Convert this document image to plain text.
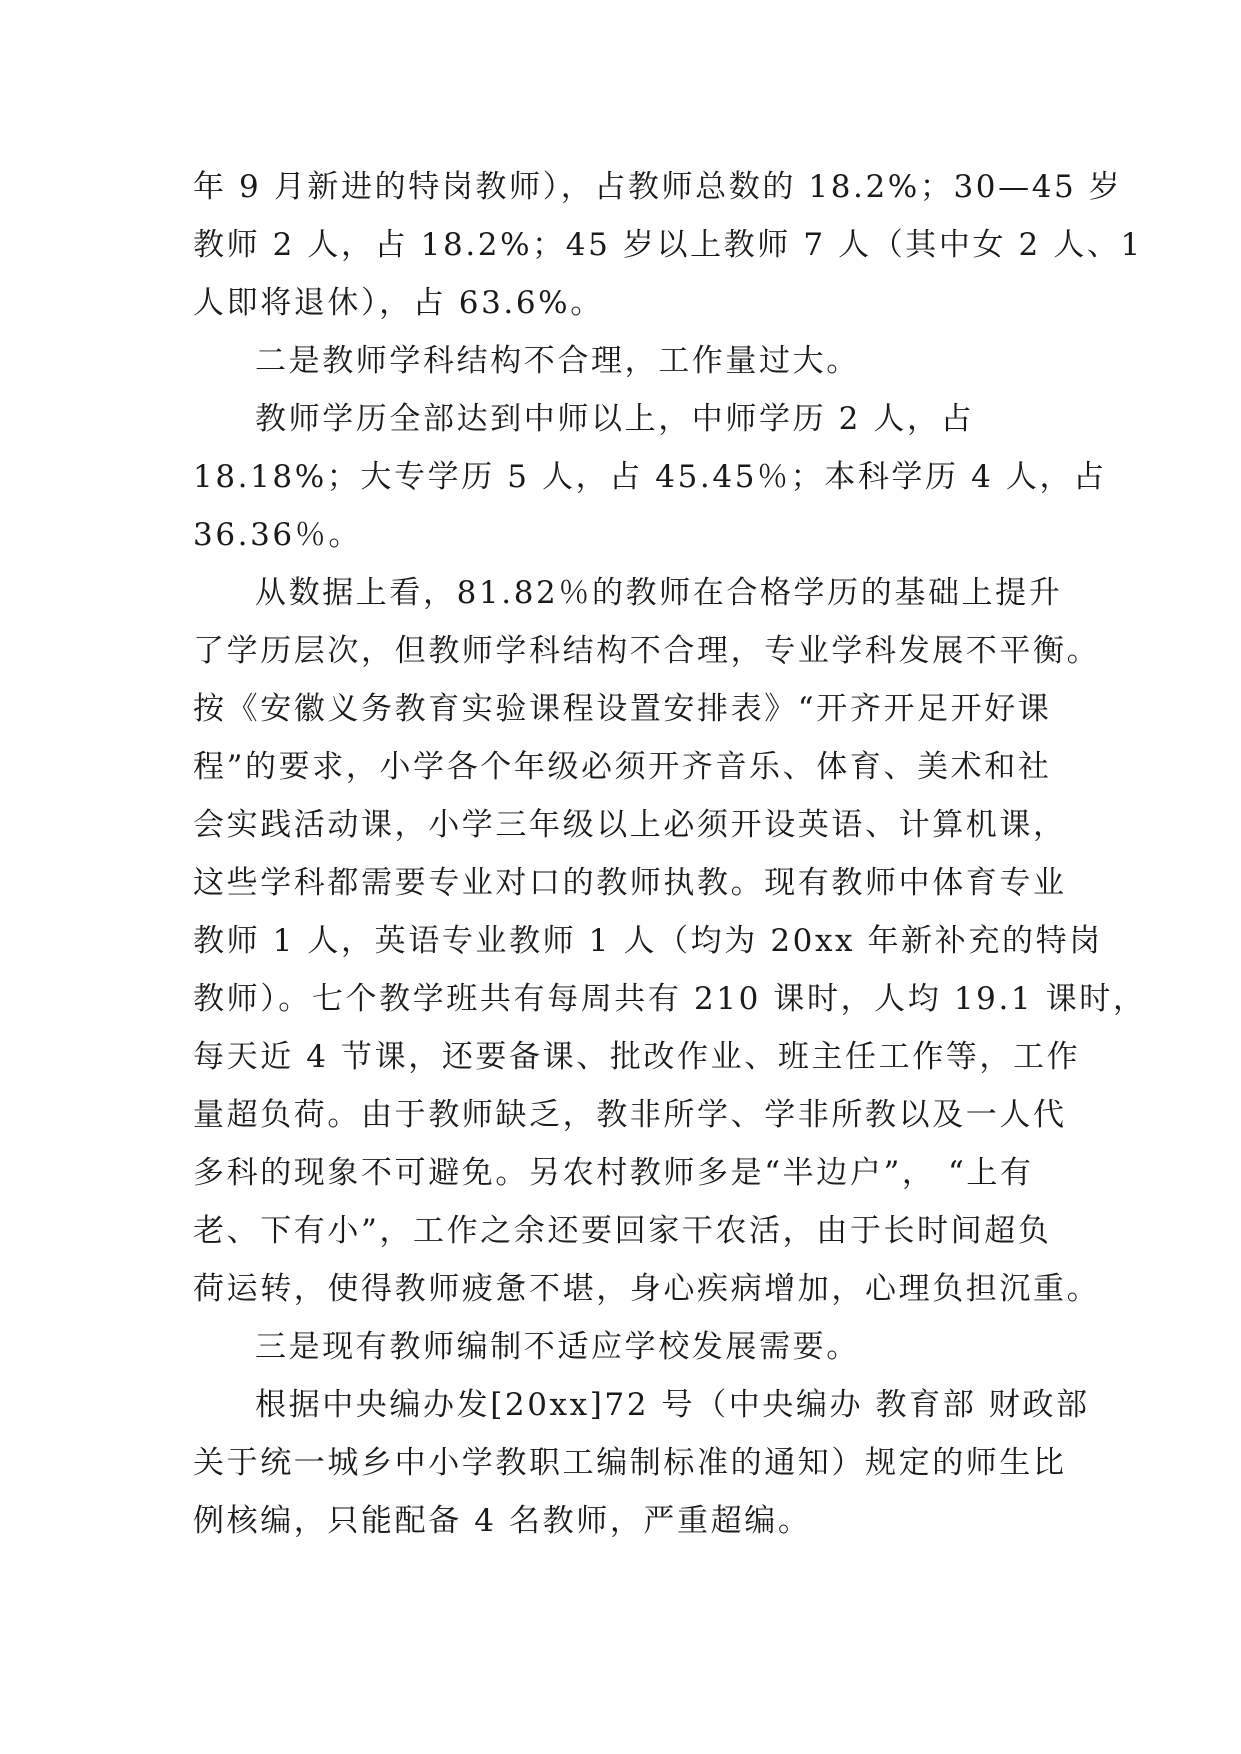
年 9 月新进的特岗教师），占教师总数的 18.2%；30—45 岁
教师 2 人，占 18.2%；45 岁以上教师 7 人（其中女 2 人、1
人即将退休），占 63.6%。
二是教师学科结构不合理，工作量过大。
教师学历全部达到中师以上，中师学历 2 人，占
18.18%；大专学历 5 人，占 45.45％；本科学历 4 人，占
36.36％。
从数据上看，81.82％的教师在合格学历的基础上提升
了学历层次，但教师学科结构不合理，专业学科发展不平衡。
按《安徽义务教育实验课程设置安排表》“开齐开足开好课
程”的要求，小学各个年级必须开齐音乐、体育、美术和社
会实践活动课，小学三年级以上必须开设英语、计算机课，
这些学科都需要专业对口的教师执教。现有教师中体育专业
教师 1 人，英语专业教师 1 人（均为 20xx 年新补充的特岗
教师）。七个教学班共有每周共有 210 课时，人均 19.1 课时，
每天近 4 节课，还要备课、批改作业、班主任工作等，工作
量超负荷。由于教师缺乏，教非所学、学非所教以及一人代
多科的现象不可避免。另农村教师多是“半边户”， “上有
老、下有小”，工作之余还要回家干农活，由于长时间超负
荷运转，使得教师疲惫不堪，身心疾病增加，心理负担沉重。
三是现有教师编制不适应学校发展需要。
根据中央编办发[20xx]72 号（中央编办 教育部 财政部
关于统一城乡中小学教职工编制标准的通知）规定的师生比
例核编，只能配备 4 名教师，严重超编。
